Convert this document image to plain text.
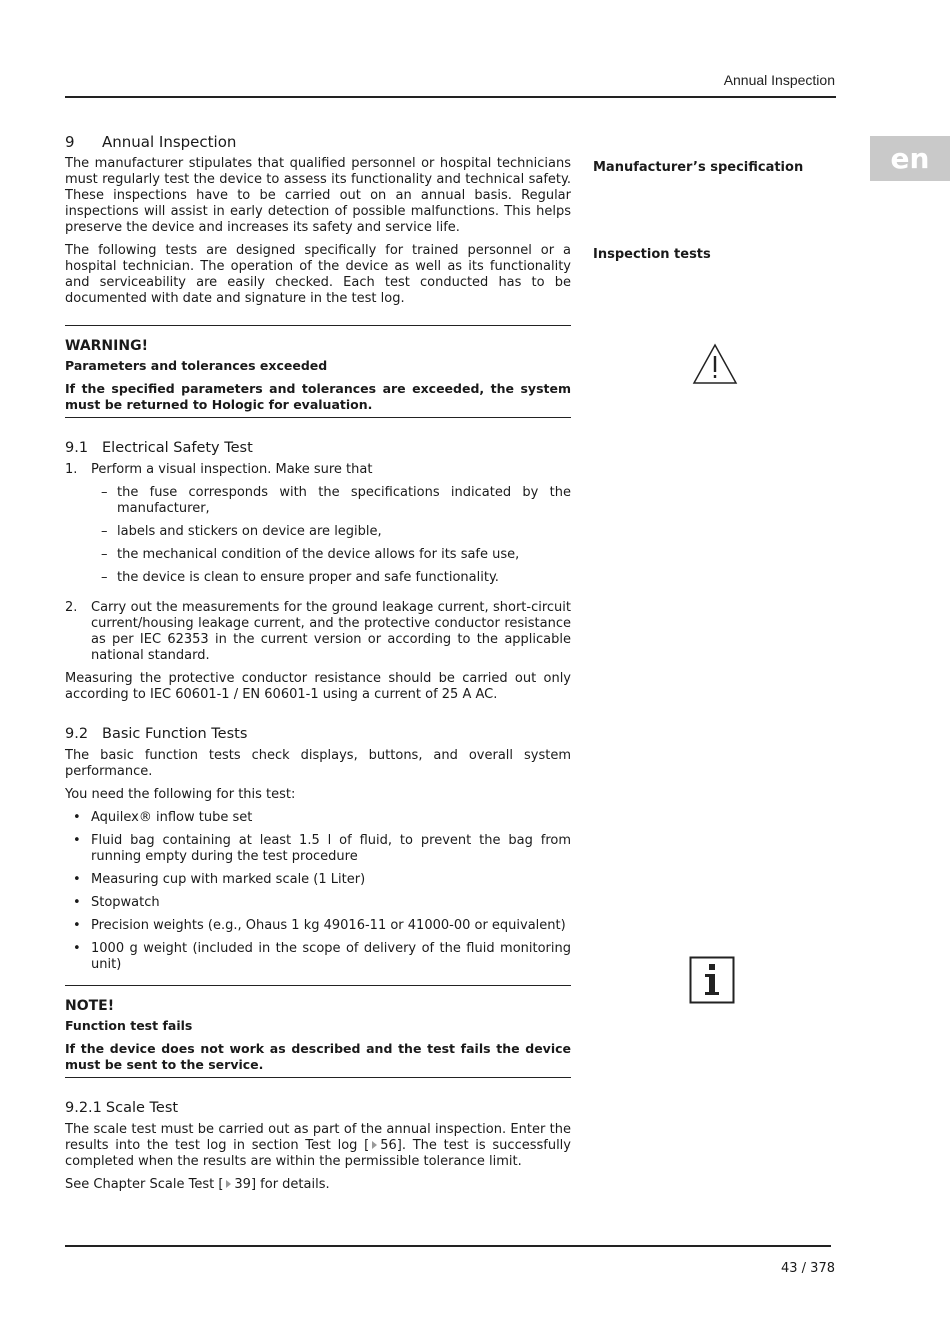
Annual Inspection
en
9	Annual Inspection

The manufacturer stipulates that qualified personnel or hospital technicians must regularly test the device to assess its functionality and technical safety. These inspections have to be carried out on an annual basis. Regular inspections will assist in early detection of possible malfunctions. This helps preserve the device and increases its safety and service life.

The following tests are designed specifically for trained personnel or a hospital technician. The operation of the device as well as its functionality and serviceability are easily checked. Each test conducted has to be documented with date and signature in the test log.

WARNING!
Parameters and tolerances exceeded
If the specified parameters and tolerances are exceeded, the system must be returned to Hologic for evaluation.
9.1 Electrical Safety Test
1.	Perform a visual inspection. Make sure that
– the fuse corresponds with the specifications indicated by the manufacturer,
– labels and stickers on device are legible,
– the mechanical condition of the device allows for its safe use,
– the device is clean to ensure proper and safe functionality.
2.	Carry out the measurements for the ground leakage current, short-circuit current/housing leakage current, and the protective conductor resistance as per IEC 62353 in the current version or according to the applicable national standard.

Measuring the protective conductor resistance should be carried out only according to IEC 60601-1 / EN 60601-1 using a current of 25 A AC.

9.2 Basic Function Tests

The basic function tests check displays, buttons, and overall system performance.

You need the following for this test:

• Aquilex® inflow tube set
• Fluid bag containing at least 1.5 l of fluid, to prevent the bag from running empty during the test procedure
• Measuring cup with marked scale (1 Liter)
• Stopwatch
• Precision weights (e.g., Ohaus 1 kg 49016-11 or 41000-00 or equivalent)
• 1000 g weight (included in the scope of delivery of the fluid monitoring unit)
NOTE!
Function test fails
If the device does not work as described and the test fails the device must be sent to the service.
9.2.1 Scale Test

The scale test must be carried out as part of the annual inspection. Enter the results into the test log in section Test log [ 56]. The test is successfully completed when the results are within the permissible tolerance limit.

See Chapter Scale Test [ 39] for details.

Manufacturer’s specification
Inspection tests
43 / 378
